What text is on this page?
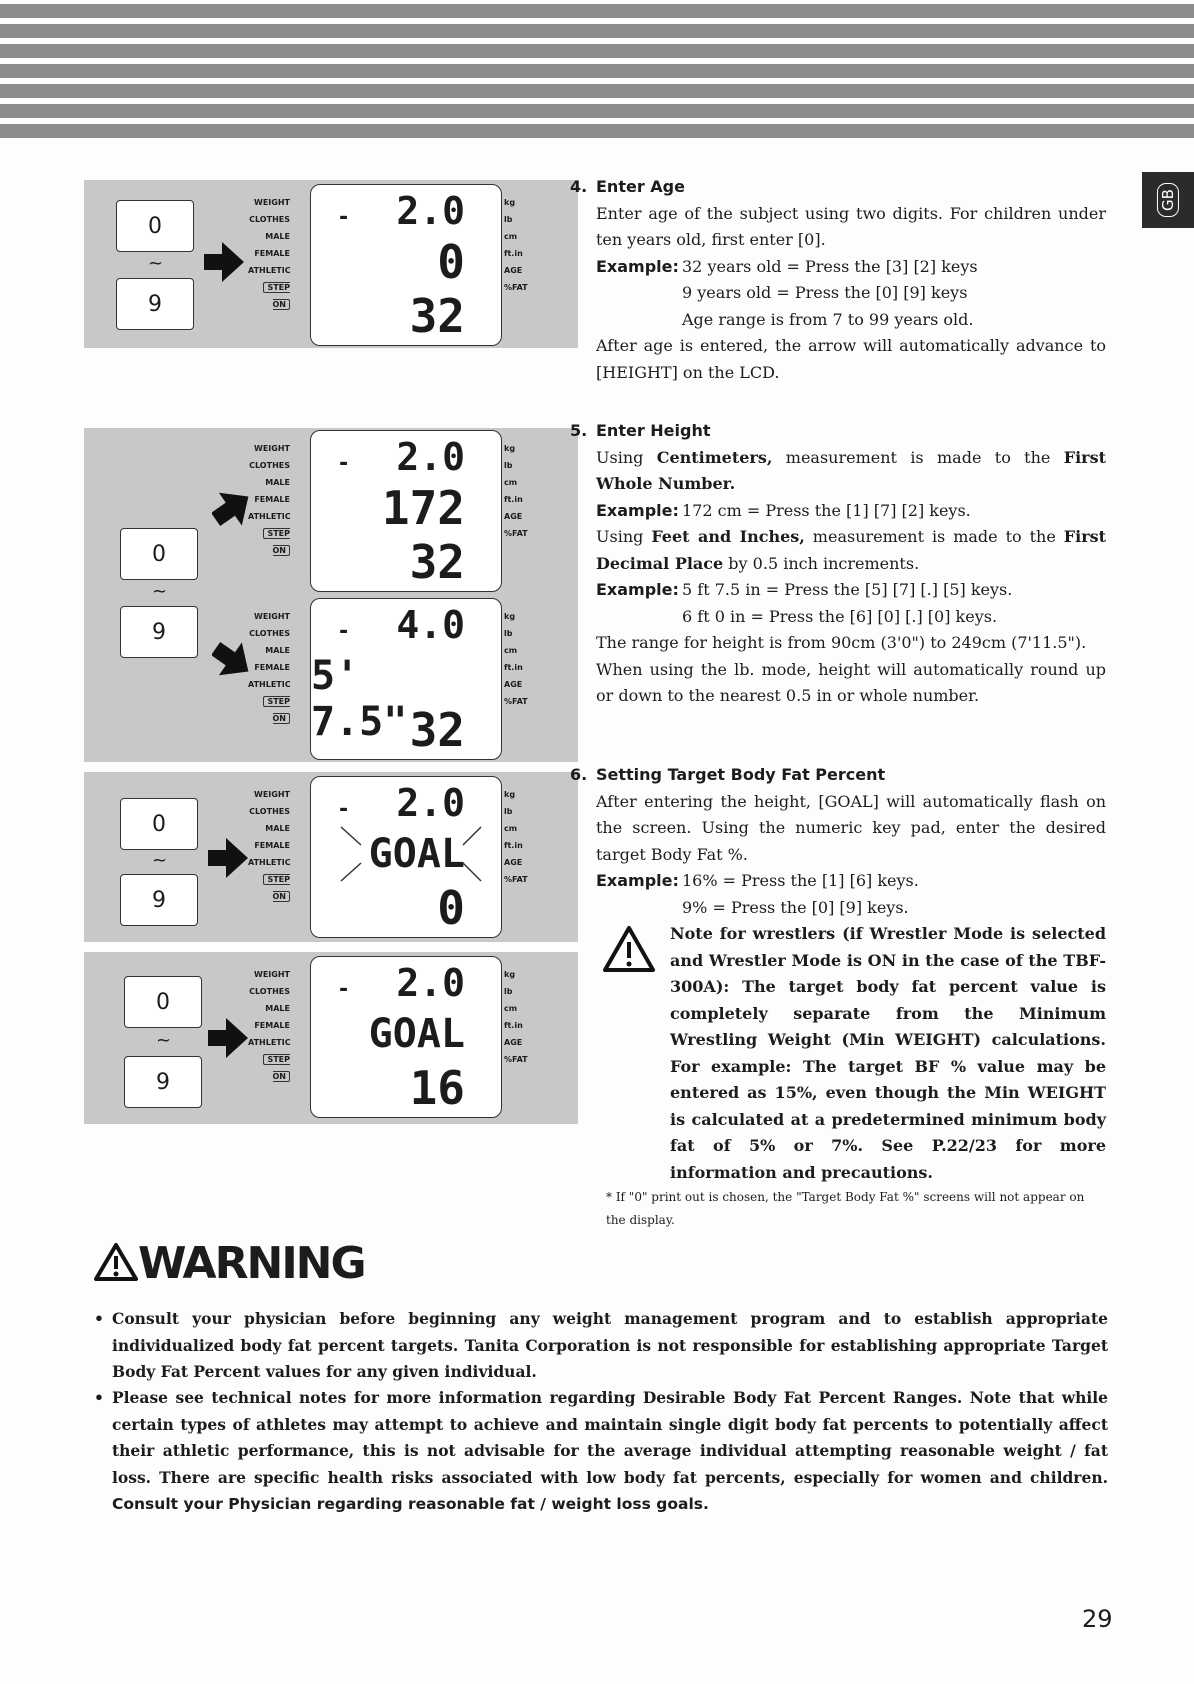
GB
0
~
9
WEIGHT
CLOTHES
MALE
FEMALE
ATHLETIC
STEP ON
- 2.0
0
32
kg
lb
cm
ft.in
AGE
%FAT
0
~
9
WEIGHT
CLOTHES
MALE
FEMALE
ATHLETIC
STEP ON
- 2.0
172
32
kg
lb
cm
ft.in
AGE
%FAT
WEIGHT
CLOTHES
MALE
FEMALE
ATHLETIC
STEP ON
- 4.0
5' 7.5" 32
kg
lb
cm
ft.in
AGE
%FAT
0
~
9
WEIGHT
CLOTHES
MALE
FEMALE
ATHLETIC
STEP ON
- 2.0
GOAL
0
kg
lb
cm
ft.in
AGE
%FAT
0
~
9
WEIGHT
CLOTHES
MALE
FEMALE
ATHLETIC
STEP ON
- 2.0
GOAL
16
kg
lb
cm
ft.in
AGE
%FAT
4. Enter Age
Enter age of the subject using two digits. For children under ten years old, first enter [0].
Example: 32 years old = Press the [3] [2] keys
9 years old = Press the [0] [9] keys
Age range is from 7 to 99 years old.
After age is entered, the arrow will automatically advance to [HEIGHT] on the LCD.
5. Enter Height
Using Centimeters, measurement is made to the First Whole Number.
Example: 172 cm = Press the [1] [7] [2] keys.
Using Feet and Inches, measurement is made to the First Decimal Place by 0.5 inch increments.
Example: 5 ft 7.5 in = Press the [5] [7] [.] [5] keys.
6 ft 0 in = Press the [6] [0] [.] [0] keys.
The range for height is from 90cm (3'0") to 249cm (7'11.5").
When using the lb. mode, height will automatically round up or down to the nearest 0.5 in or whole number.
6. Setting Target Body Fat Percent
After entering the height, [GOAL] will automatically flash on the screen. Using the numeric key pad, enter the desired target Body Fat %.
Example: 16% = Press the [1] [6] keys.
9% = Press the [0] [9] keys.
Note for wrestlers (if Wrestler Mode is selected and Wrestler Mode is ON in the case of the TBF-300A): The target body fat percent value is completely separate from the Minimum Wrestling Weight (Min WEIGHT) calculations. For example: The target BF % value may be entered as 15%, even though the Min WEIGHT is calculated at a predetermined minimum body fat of 5% or 7%. See P.22/23 for more information and precautions.
* If "0" print out is chosen, the "Target Body Fat %" screens will not appear on the display.
WARNING
• Consult your physician before beginning any weight management program and to establish appropriate individualized body fat percent targets. Tanita Corporation is not responsible for establishing appropriate Target Body Fat Percent values for any given individual.
• Please see technical notes for more information regarding Desirable Body Fat Percent Ranges. Note that while certain types of athletes may attempt to achieve and maintain single digit body fat percents to potentially affect their athletic performance, this is not advisable for the average individual attempting reasonable weight / fat loss. There are specific health risks associated with low body fat percents, especially for women and children. Consult your Physician regarding reasonable fat / weight loss goals.
29
